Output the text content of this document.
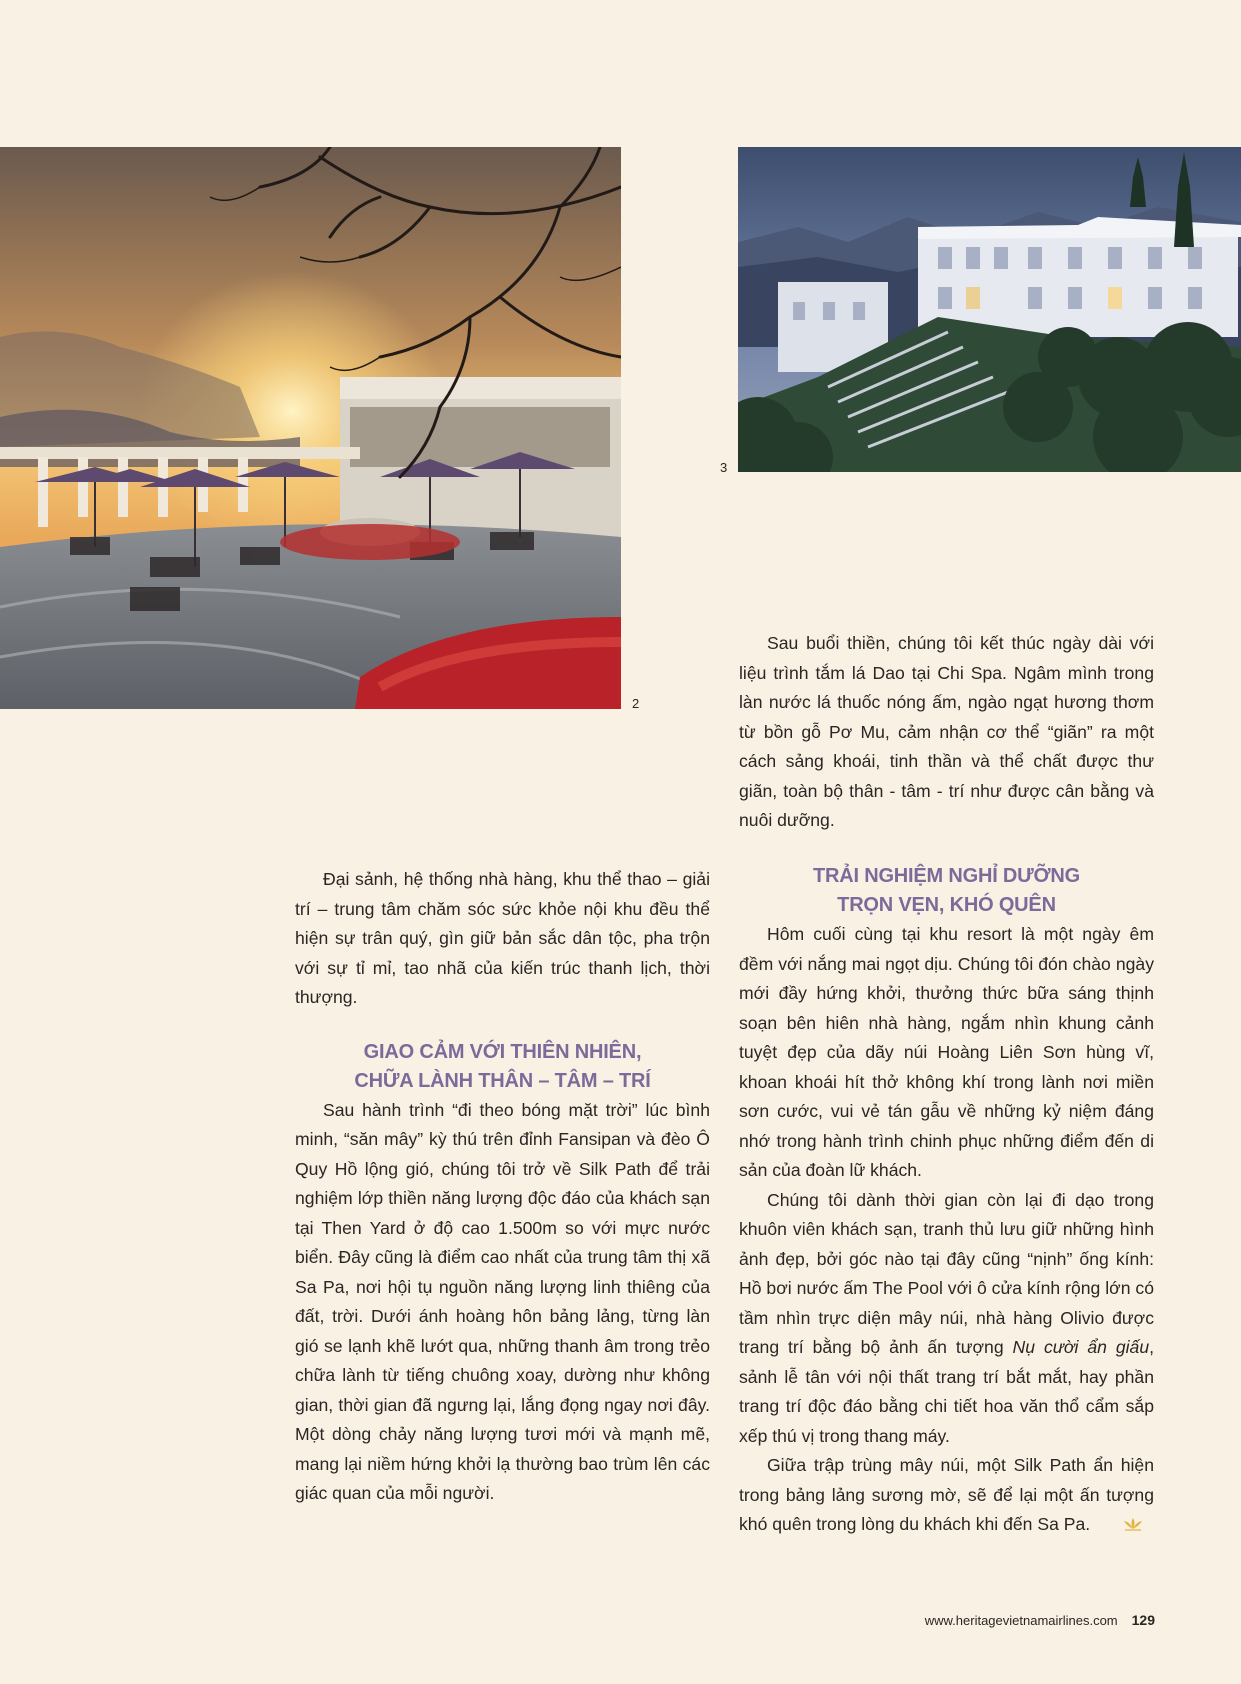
2
3

Sau buổi thiền, chúng tôi kết thúc ngày dài với liệu trình tắm lá Dao tại Chi Spa. Ngâm mình trong làn nước lá thuốc nóng ấm, ngào ngạt hương thơm từ bồn gỗ Pơ Mu, cảm nhận cơ thể “giãn” ra một cách sảng khoái, tinh thần và thể chất được thư giãn, toàn bộ thân - tâm - trí như được cân bằng và nuôi dưỡng.

Đại sảnh, hệ thống nhà hàng, khu thể thao – giải trí – trung tâm chăm sóc sức khỏe nội khu đều thể hiện sự trân quý, gìn giữ bản sắc dân tộc, pha trộn với sự tỉ mỉ, tao nhã của kiến trúc thanh lịch, thời thượng.

GIAO CẢM VỚI THIÊN NHIÊN,
CHỮA LÀNH THÂN – TÂM – TRÍ

Sau hành trình “đi theo bóng mặt trời” lúc bình minh, “săn mây” kỳ thú trên đỉnh Fansipan và đèo Ô Quy Hồ lộng gió, chúng tôi trở về Silk Path để trải nghiệm lớp thiền năng lượng độc đáo của khách sạn tại Then Yard ở độ cao 1.500m so với mực nước biển. Đây cũng là điểm cao nhất của trung tâm thị xã Sa Pa, nơi hội tụ nguồn năng lượng linh thiêng của đất, trời. Dưới ánh hoàng hôn bảng lảng, từng làn gió se lạnh khẽ lướt qua, những thanh âm trong trẻo chữa lành từ tiếng chuông xoay, dường như không gian, thời gian đã ngưng lại, lắng đọng ngay nơi đây. Một dòng chảy năng lượng tươi mới và mạnh mẽ, mang lại niềm hứng khởi lạ thường bao trùm lên các giác quan của mỗi người.

TRẢI NGHIỆM NGHỈ DƯỠNG
TRỌN VẸN, KHÓ QUÊN

Hôm cuối cùng tại khu resort là một ngày êm đềm với nắng mai ngọt dịu. Chúng tôi đón chào ngày mới đầy hứng khởi, thưởng thức bữa sáng thịnh soạn bên hiên nhà hàng, ngắm nhìn khung cảnh tuyệt đẹp của dãy núi Hoàng Liên Sơn hùng vĩ, khoan khoái hít thở không khí trong lành nơi miền sơn cước, vui vẻ tán gẫu về những kỷ niệm đáng nhớ trong hành trình chinh phục những điểm đến di sản của đoàn lữ khách.

Chúng tôi dành thời gian còn lại đi dạo trong khuôn viên khách sạn, tranh thủ lưu giữ những hình ảnh đẹp, bởi góc nào tại đây cũng “nịnh” ống kính: Hồ bơi nước ấm The Pool với ô cửa kính rộng lớn có tầm nhìn trực diện mây núi, nhà hàng Olivio được trang trí bằng bộ ảnh ấn tượng Nụ cười ẩn giấu, sảnh lễ tân với nội thất trang trí bắt mắt, hay phần trang trí độc đáo bằng chi tiết hoa văn thổ cẩm sắp xếp thú vị trong thang máy.

Giữa trập trùng mây núi, một Silk Path ẩn hiện trong bảng lảng sương mờ, sẽ để lại một ấn tượng khó quên trong lòng du khách khi đến Sa Pa.

www.heritagevietnamairlines.com 129
